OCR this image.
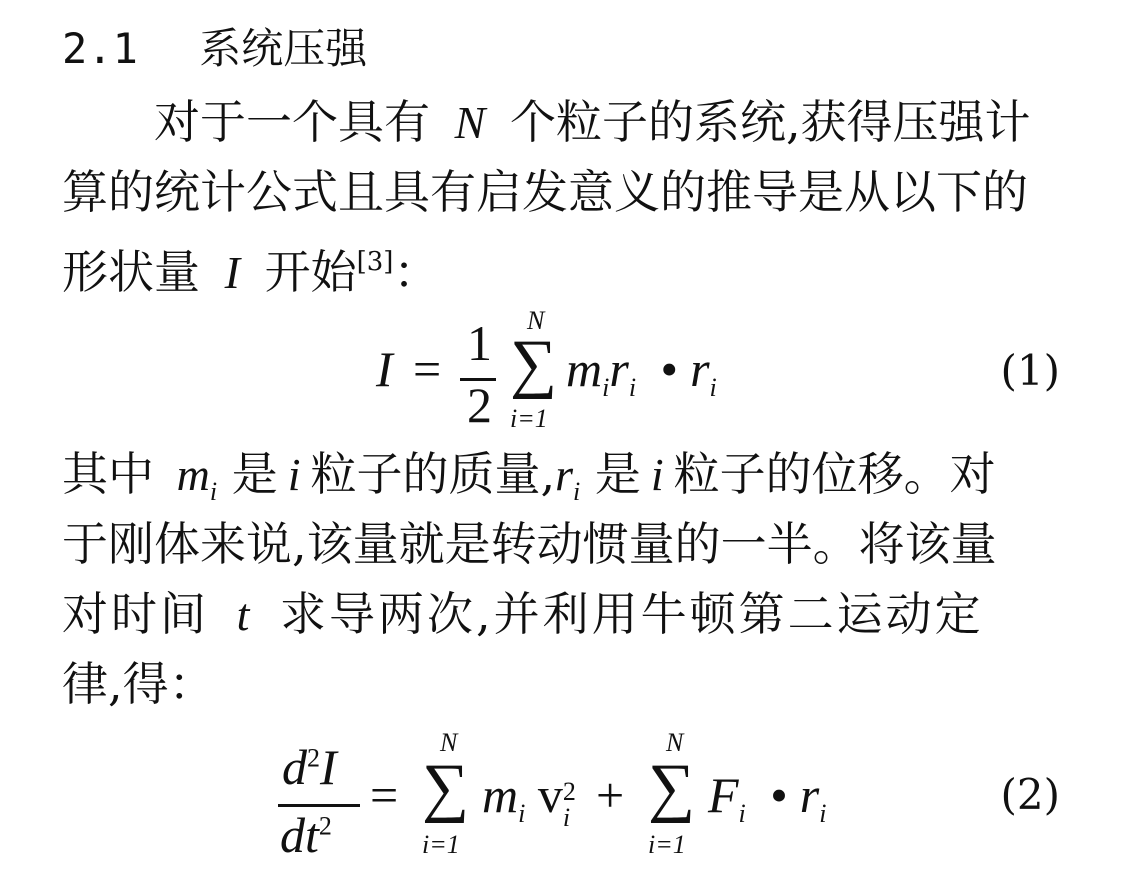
2.1 系统压强
对于一个具有 N 个粒子的系统,获得压强计
算的统计公式且具有启发意义的推导是从以下的
形状量 I 开始[3]：
I = 1
2
N
∑
i=1
$m_ir_i$ • $r_i$	(1)
其中 $m_i$ 是 i 粒子的质量$,r_i$ 是 i 粒子的位移。对
于刚体来说,该量就是转动惯量的一半。将该量
对时间 t 求导两次,并利用牛顿第二运动定
律,得：
$d^2I$
$dt^2$
=
N
∑
i=1
$m_i$ v 2
i +
N
∑
i=1
$F_i$ • $r_i$	(2)
